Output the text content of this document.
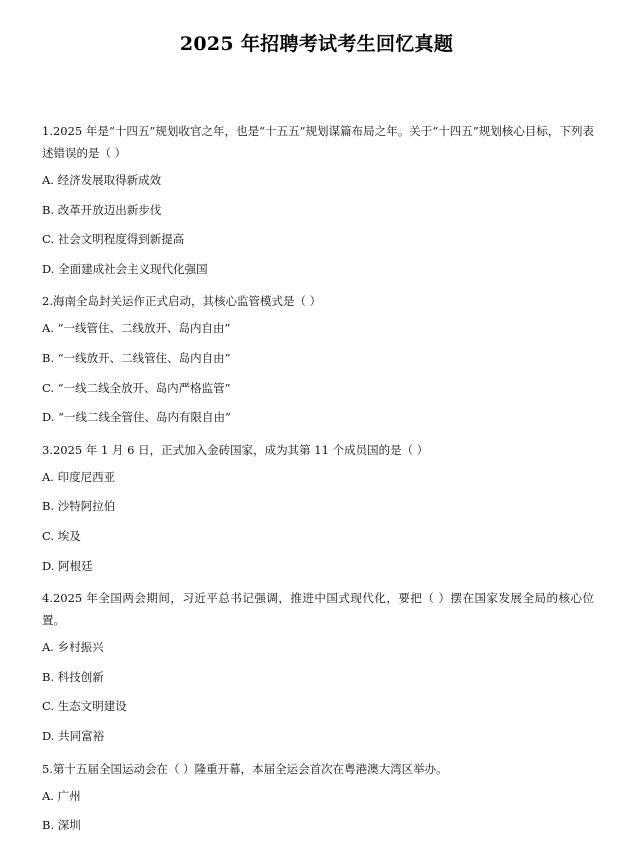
2025 年招聘考试考生回忆真题

1.2025 年是“十四五”规划收官之年，也是“十五五”规划谋篇布局之年。关于“十四五”规划核心目标，下列表述错误的是（ ）

A. 经济发展取得新成效

B. 改革开放迈出新步伐

C. 社会文明程度得到新提高

D. 全面建成社会主义现代化强国

2.海南全岛封关运作正式启动，其核心监管模式是（ ）

A. “一线管住、二线放开、岛内自由”

B. “一线放开、二线管住、岛内自由”

C. “一线二线全放开、岛内严格监管”

D. “一线二线全管住、岛内有限自由”

3.2025 年 1 月 6 日，正式加入金砖国家，成为其第 11 个成员国的是（ ）

A. 印度尼西亚

B. 沙特阿拉伯

C. 埃及

D. 阿根廷

4.2025 年全国两会期间，习近平总书记强调，推进中国式现代化，要把（ ）摆在国家发展全局的核心位置。

A. 乡村振兴

B. 科技创新

C. 生态文明建设

D. 共同富裕

5.第十五届全国运动会在（ ）隆重开幕，本届全运会首次在粤港澳大湾区举办。

A. 广州

B. 深圳
